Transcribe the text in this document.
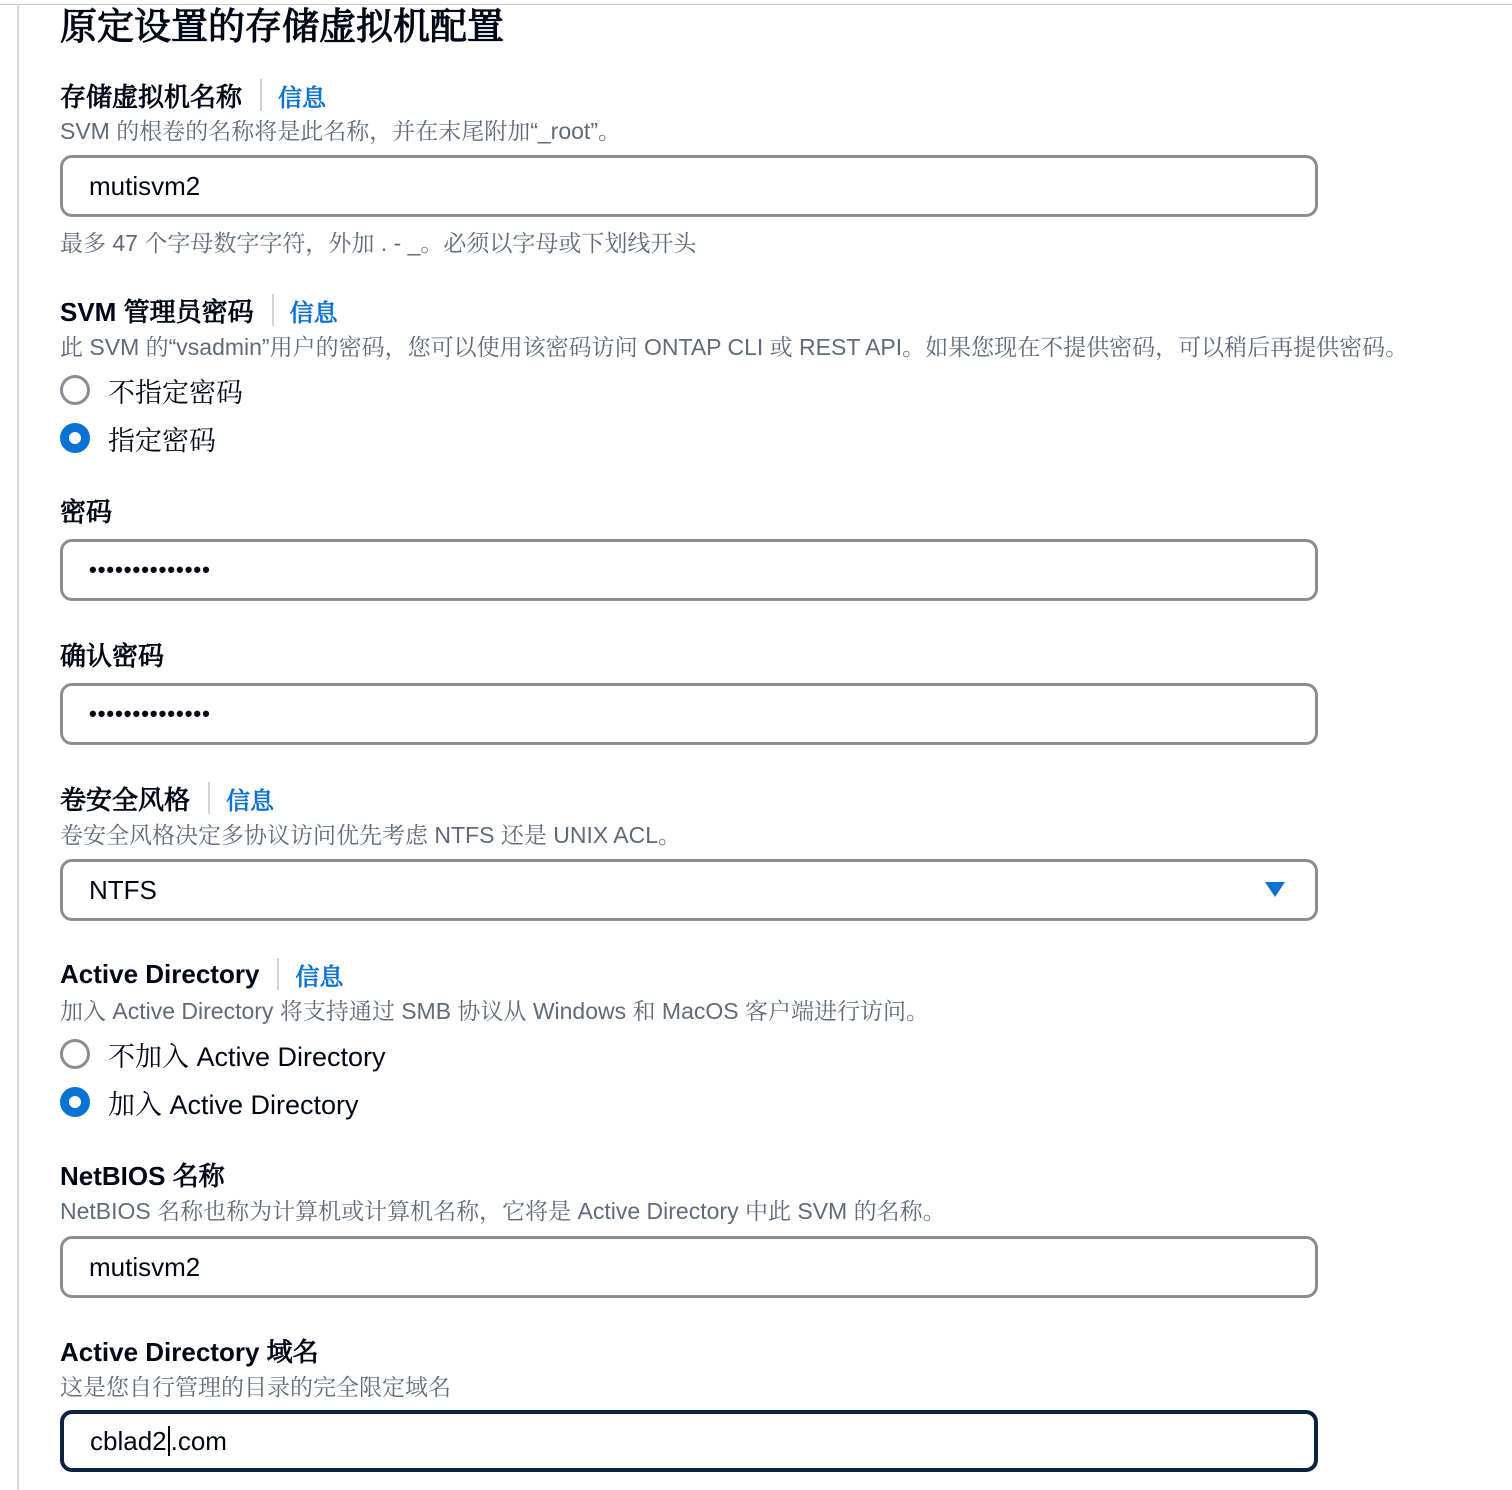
原定设置的存储虚拟机配置
存储虚拟机名称 信息
SVM 的根卷的名称将是此名称，并在末尾附加“_root”。
mutisvm2
最多 47 个字母数字字符，外加 . - _。必须以字母或下划线开头
SVM 管理员密码 信息
此 SVM 的“vsadmin”用户的密码，您可以使用该密码访问 ONTAP CLI 或 REST API。如果您现在不提供密码，可以稍后再提供密码。
不指定密码
指定密码
密码
••••••••••••••
确认密码
••••••••••••••
卷安全风格 信息
卷安全风格决定多协议访问优先考虑 NTFS 还是 UNIX ACL。
NTFS
Active Directory 信息
加入 Active Directory 将支持通过 SMB 协议从 Windows 和 MacOS 客户端进行访问。
不加入 Active Directory
加入 Active Directory
NetBIOS 名称
NetBIOS 名称也称为计算机或计算机名称，它将是 Active Directory 中此 SVM 的名称。
mutisvm2
Active Directory 域名
这是您自行管理的目录的完全限定域名
cblad2 .com
